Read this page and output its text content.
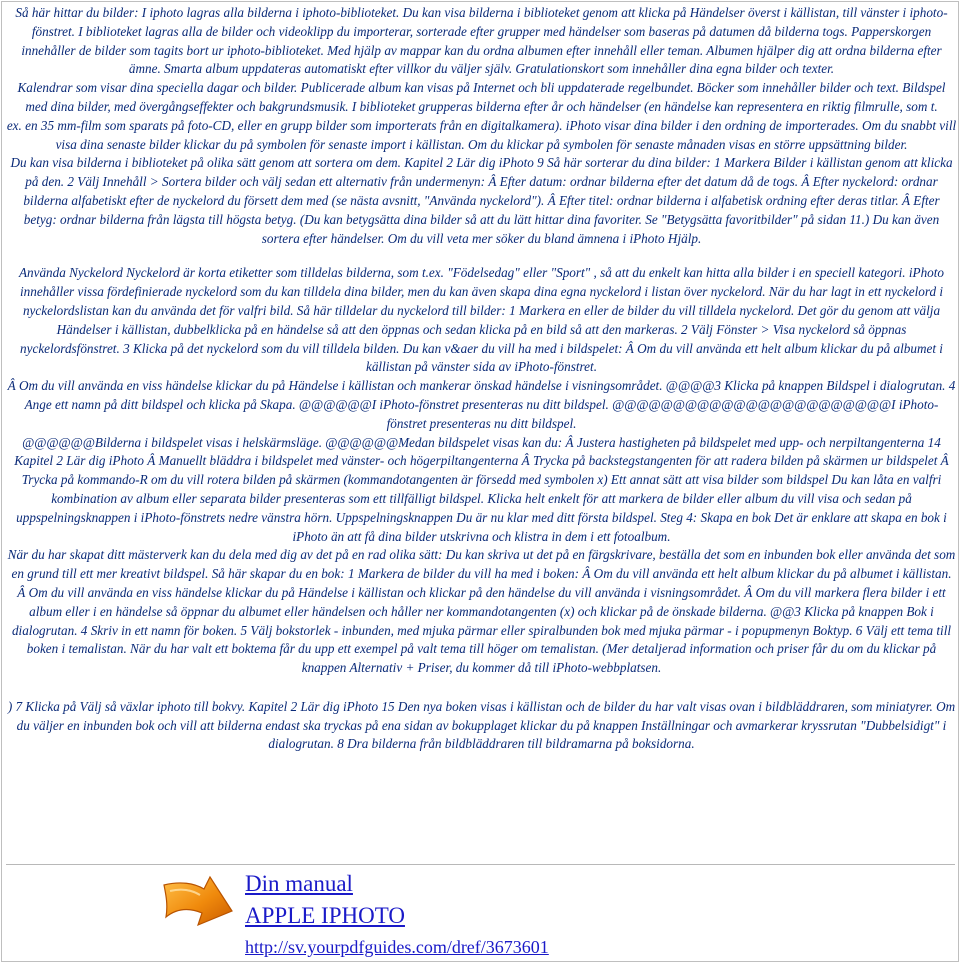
Så här hittar du bilder: I iphoto lagras alla bilderna i iphoto-biblioteket. Du kan visa bilderna i biblioteket genom att klicka på Händelser överst i källistan, till vänster i iphoto-fönstret. I biblioteket lagras alla de bilder och videoklipp du importerar, sorterade efter grupper med händelser som baseras på datumen då bilderna togs. Papperskorgen innehåller de bilder som tagits bort ur iphoto-biblioteket. Med hjälp av mappar kan du ordna albumen efter innehåll eller teman. Albumen hjälper dig att ordna bilderna efter ämne. Smarta album uppdateras automatiskt efter villkor du väljer själv. Gratulationskort som innehåller dina egna bilder och texter.

Kalendrar som visar dina speciella dagar och bilder. Publicerade album kan visas på Internet och bli uppdaterade regelbundet. Böcker som innehåller bilder och text. Bildspel med dina bilder, med övergångseffekter och bakgrundsmusik. I biblioteket grupperas bilderna efter år och händelser (en händelse kan representera en riktig filmrulle, som t.

ex. en 35 mm-film som sparats på foto-CD, eller en grupp bilder som importerats från en digitalkamera). iPhoto visar dina bilder i den ordning de importerades. Om du snabbt vill visa dina senaste bilder klickar du på symbolen för senaste import i källistan. Om du klickar på symbolen för senaste månaden visas en större uppsättning bilder.

Du kan visa bilderna i biblioteket på olika sätt genom att sortera om dem. Kapitel 2 Lär dig iPhoto 9 Så här sorterar du dina bilder: 1 Markera Bilder i källistan genom att klicka på den. 2 Välj Innehåll > Sortera bilder och välj sedan ett alternativ från undermenyn: Â Efter datum: ordnar bilderna efter det datum då de togs. Â Efter nyckelord: ordnar bilderna alfabetiskt efter de nyckelord du försett dem med (se nästa avsnitt, "Använda nyckelord"). Â Efter titel: ordnar bilderna i alfabetisk ordning efter deras titlar. Â Efter betyg: ordnar bilderna från lägsta till högsta betyg. (Du kan betygsätta dina bilder så att du lätt hittar dina favoriter. Se "Betygsätta favoritbilder" på sidan 11.) Du kan även sortera efter händelser. Om du vill veta mer söker du bland ämnena i iPhoto Hjälp.

Använda Nyckelord Nyckelord är korta etiketter som tilldelas bilderna, som t.ex. "Födelsedag" eller "Sport" , så att du enkelt kan hitta alla bilder i en speciell kategori. iPhoto innehåller vissa fördefinierade nyckelord som du kan tilldela dina bilder, men du kan även skapa dina egna nyckelord i listan över nyckelord. När du har lagt in ett nyckelord i nyckelordslistan kan du använda det för valfri bild. Så här tilldelar du nyckelord till bilder: 1 Markera en eller de bilder du vill tilldela nyckelord. Det gör du genom att välja Händelser i källistan, dubbelklicka på en händelse så att den öppnas och sedan klicka på en bild så att den markeras. 2 Välj Fönster > Visa nyckelord så öppnas nyckelordsfönstret. 3 Klicka på det nyckelord som du vill tilldela bilden. Du kan v&aer du vill ha med i bildspelet: Â Om du vill använda ett helt album klickar du på albumet i källistan på vänster sida av iPhoto-fönstret.

Â Om du vill använda en viss händelse klickar du på Händelse i källistan och mankerar önskad händelse i visningsområdet. @@@@3 Klicka på knappen Bildspel i dialogrutan. 4 Ange ett namn på ditt bildspel och klicka på Skapa. @@@@@@I iPhoto-fönstret presenteras nu ditt bildspel. @@@@@@@@@@@@@@@@@@@@@@@I iPhoto-fönstret presenteras nu ditt bildspel.

@@@@@@Bilderna i bildspelet visas i helskärmsläge. @@@@@@Medan bildspelet visas kan du: Â Justera hastigheten på bildspelet med upp- och nerpiltangenterna 14 Kapitel 2 Lär dig iPhoto Â Manuellt bläddra i bildspelet med vänster- och högerpiltangenterna Â Trycka på backstegstangenten för att radera bilden på skärmen ur bildspelet Â Trycka på kommando-R om du vill rotera bilden på skärmen (kommandotangenten är försedd med symbolen x) Ett annat sätt att visa bilder som bildspel Du kan låta en valfri kombination av album eller separata bilder presenteras som ett tillfälligt bildspel. Klicka helt enkelt för att markera de bilder eller album du vill visa och sedan på uppspelningsknappen i iPhoto-fönstrets nedre vänstra hörn. Uppspelningsknappen Du är nu klar med ditt första bildspel. Steg 4: Skapa en bok Det är enklare att skapa en bok i iPhoto än att få dina bilder utskrivna och klistra in dem i ett fotoalbum.

När du har skapat ditt mästerverk kan du dela med dig av det på en rad olika sätt: Du kan skriva ut det på en färgskrivare, beställa det som en inbunden bok eller använda det som en grund till ett mer kreativt bildspel. Så här skapar du en bok: 1 Markera de bilder du vill ha med i boken: Â Om du vill använda ett helt album klickar du på albumet i källistan. Â Om du vill använda en viss händelse klickar du på Händelse i källistan och klickar på den händelse du vill använda i visningsområdet. Â Om du vill markera flera bilder i ett album eller i en händelse så öppnar du albumet eller händelsen och håller ner kommandotangenten (x) och klickar på de önskade bilderna. @@3 Klicka på knappen Bok i dialogrutan. 4 Skriv in ett namn för boken. 5 Välj bokstorlek - inbunden, med mjuka pärmar eller spiralbunden bok med mjuka pärmar - i popupmenyn Boktyp. 6 Välj ett tema till boken i temalistan. När du har valt ett boktema får du upp ett exempel på valt tema till höger om temalistan. (Mer detaljerad information och priser får du om du klickar på knappen Alternativ + Priser, du kommer då till iPhoto-webbplatsen.

) 7 Klicka på Välj så växlar iphoto till bokvy. Kapitel 2 Lär dig iPhoto 15 Den nya boken visas i källistan och de bilder du har valt visas ovan i bildbläddraren, som miniatyrer. Om du väljer en inbunden bok och vill att bilderna endast ska tryckas på ena sidan av bokupplaget klickar du på knappen Inställningar och avmarkerar kryssrutan "Dubbelsidigt" i dialogrutan. 8 Dra bilderna från bildbläddraren till bildramarna på boksidorna.

Din manual
APPLE IPHOTO
http://sv.yourpdfguides.com/dref/3673601
